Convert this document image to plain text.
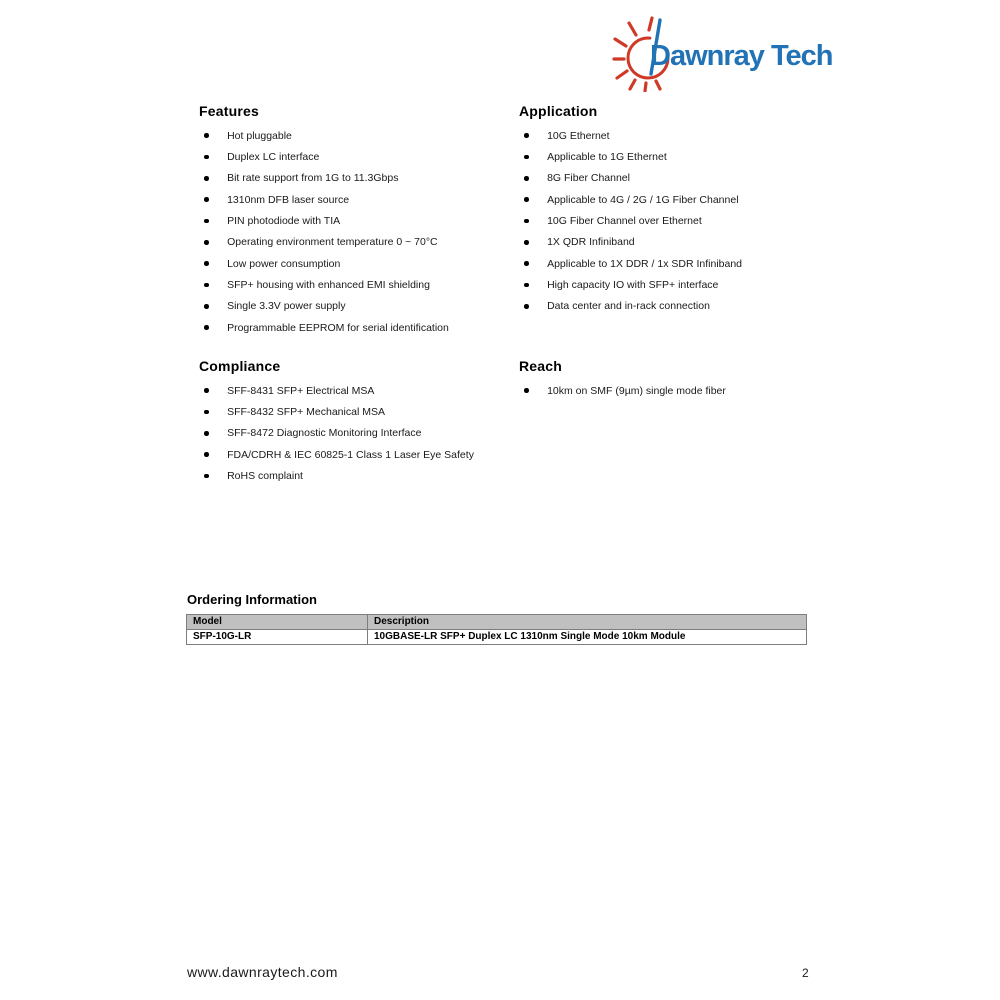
Dawnray Tech
Features
Hot pluggable
Duplex LC interface
Bit rate support from 1G to 11.3Gbps
1310nm DFB laser source
PIN photodiode with TIA
Operating environment temperature 0 ~ 70°C
Low power consumption
SFP+ housing with enhanced EMI shielding
Single 3.3V power supply
Programmable EEPROM for serial identification
Application
10G Ethernet
Applicable to 1G Ethernet
8G Fiber Channel
Applicable to 4G / 2G / 1G Fiber Channel
10G Fiber Channel over Ethernet
1X QDR Infiniband
Applicable to 1X DDR / 1x SDR Infiniband
High capacity IO with SFP+ interface
Data center and in-rack connection
Compliance
SFF-8431 SFP+ Electrical MSA
SFF-8432 SFP+ Mechanical MSA
SFF-8472 Diagnostic Monitoring Interface
FDA/CDRH & IEC 60825-1 Class 1 Laser Eye Safety
RoHS complaint
Reach
10km on SMF (9µm) single mode fiber
Ordering Information
Model	Description
SFP-10G-LR	10GBASE-LR SFP+ Duplex LC 1310nm Single Mode 10km Module
www.dawnraytech.com	2
